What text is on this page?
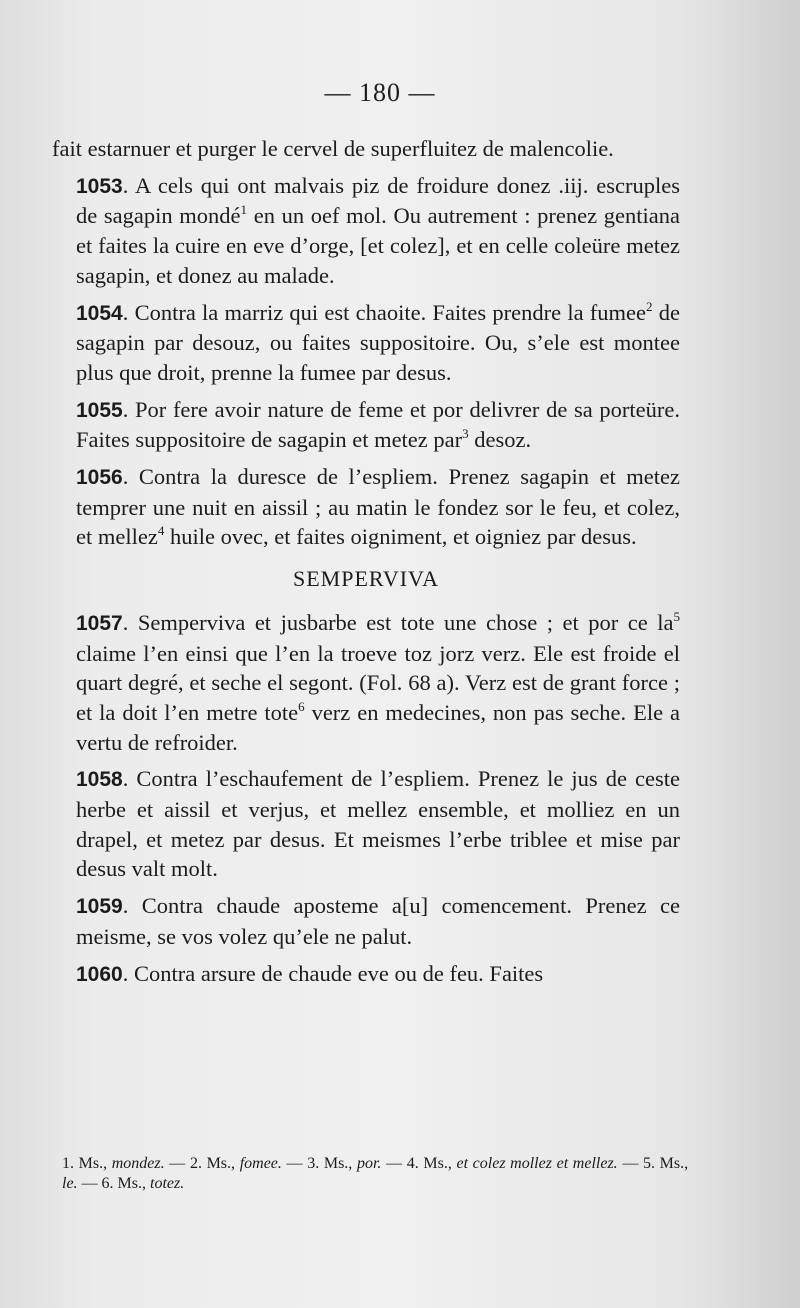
— 180 —

fait estarnuer et purger le cervel de superfluitez de malencolie.

1053. A cels qui ont malvais piz de froidure donez .iij. escruples de sagapin mondé$^1$ en un oef mol. Ou autrement : prenez gentiana et faites la cuire en eve d’orge, [et colez], et en celle coleüre metez sagapin, et donez au malade.

1054. Contra la marriz qui est chaoite. Faites prendre la fumee$^2$ de sagapin par desouz, ou faites suppositoire. Ou, s’ele est montee plus que droit, prenne la fumee par desus.

1055. Por fere avoir nature de feme et por delivrer de sa porteüre. Faites suppositoire de sagapin et metez par$^3$ desoz.

1056. Contra la duresce de l’espliem. Prenez sagapin et metez temprer une nuit en aissil ; au matin le fondez sor le feu, et colez, et mellez$^4$ huile ovec, et faites oigniment, et oigniez par desus.

SEMPERVIVA

1057. Semperviva et jusbarbe est tote une chose ; et por ce $la^5$ claime l’en einsi que l’en la troeve toz jorz verz. Ele est froide el quart degré, et seche el segont. (Fol. 68 a). Verz est de grant force ; et la doit l’en metre tote$^6$ verz en medecines, non pas seche. Ele a vertu de refroider.

1058. Contra l’eschaufement de l’espliem. Prenez le jus de ceste herbe et aissil et verjus, et mellez ensemble, et molliez en un drapel, et metez par desus. Et meismes l’erbe triblee et mise par desus valt molt.

1059. Contra chaude aposteme a[u] comencement. Prenez ce meisme, se vos volez qu’ele ne palut.

1060. Contra arsure de chaude eve ou de feu. Faites

1. Ms., mondez. — 2. Ms., fomee. — 3. Ms., por. — 4. Ms., et colez mollez et mellez. — 5. Ms., le. — 6. Ms., totez.
